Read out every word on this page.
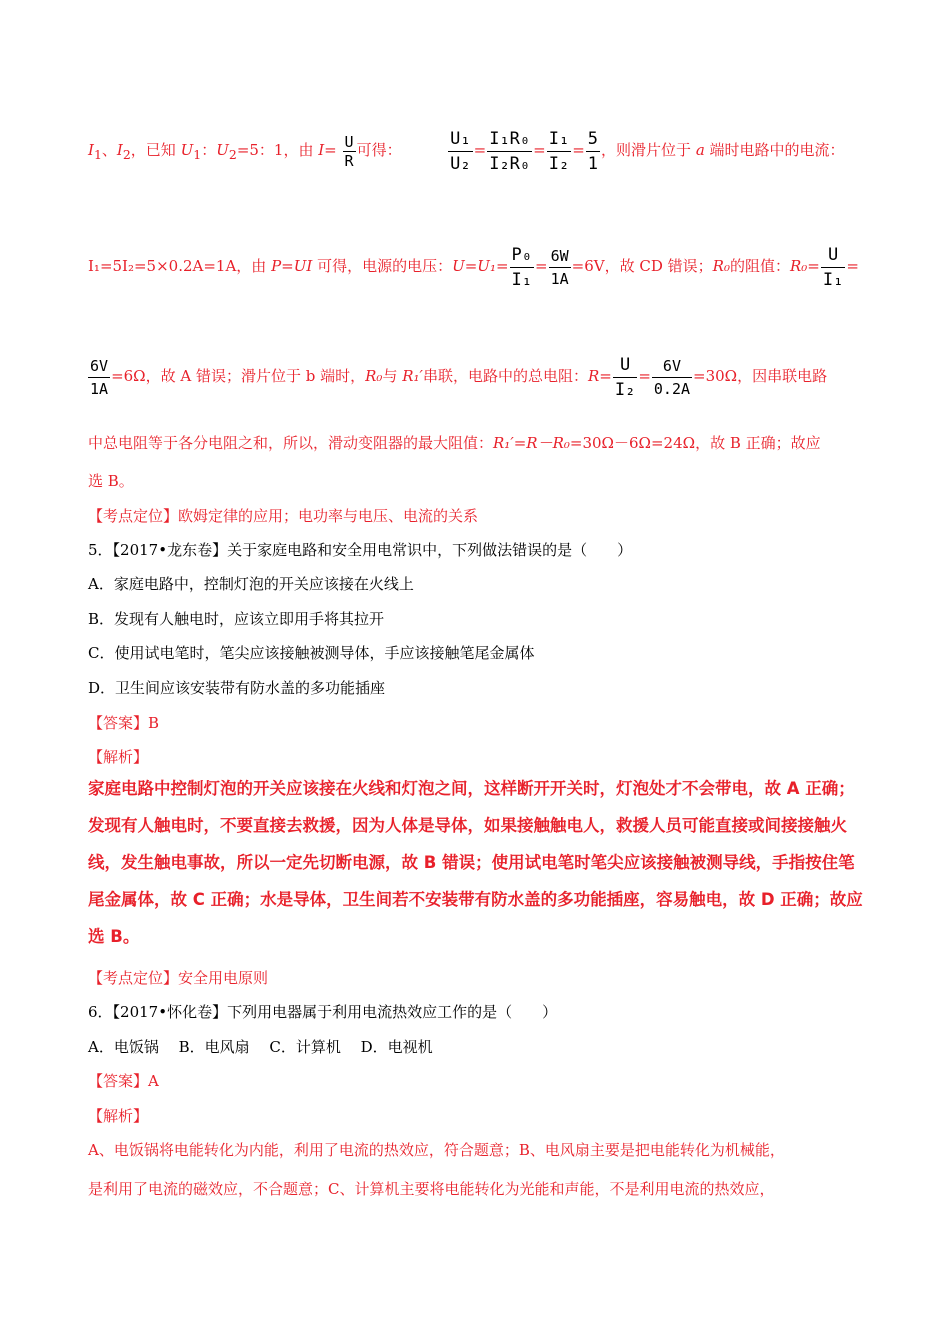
$I_1$、$I_2$，已知 $U_1$：$U_2=5$：1，由 $I= \frac{U}{R}$ 可得：	$\frac{\text{U₁}}{\text{U₂}} = \frac{\text{I₁R₀}}{\text{I₂R₀}} = \frac{\text{I₁}}{\text{I₂}} = \frac{5}{1}$ ，则滑片位于 a 端时电路中的电流：
I₁=5I₂=5×0.2A=1A，由 P=UI 可得，电源的电压：$U=U_1= \frac{\text{P₀}}{\text{I₁}} = \frac{6W}{1A} =6V$，故 CD 错误；R₀的阻值：$R_0= \frac{U}{\text{I₁}}$ =
$\frac{6V}{1A} =6\Omega$，故 A 错误；滑片位于 b 端时，R₀与 R₁′串联，电路中的总电阻：$R= \frac{U}{\text{I₂}} = \frac{6V}{0.2A} =30\Omega$，因串联电路
中总电阻等于各分电阻之和，所以，滑动变阻器的最大阻值：R₁′=R－R₀=30Ω－6Ω=24Ω，故 B 正确；故应
选 B。
【考点定位】欧姆定律的应用；电功率与电压、电流的关系
5．【2017•龙东卷】关于家庭电路和安全用电常识中，下列做法错误的是（　　）
A．家庭电路中，控制灯泡的开关应该接在火线上
B．发现有人触电时，应该立即用手将其拉开
C．使用试电笔时，笔尖应该接触被测导体，手应该接触笔尾金属体
D．卫生间应该安装带有防水盖的多功能插座
【答案】B
【解析】
家庭电路中控制灯泡的开关应该接在火线和灯泡之间，这样断开开关时，灯泡处才不会带电，故 A 正确；
发现有人触电时，不要直接去救援，因为人体是导体，如果接触触电人，救援人员可能直接或间接接触火
线，发生触电事故，所以一定先切断电源，故 B 错误；使用试电笔时笔尖应该接触被测导线，手指按住笔
尾金属体，故 C 正确；水是导体，卫生间若不安装带有防水盖的多功能插座，容易触电，故 D 正确；故应
选 B。
【考点定位】安全用电原则
6．【2017•怀化卷】下列用电器属于利用电流热效应工作的是（　　）
A．电饭锅　 B．电风扇　 C．计算机　 D．电视机
【答案】A
【解析】
A、电饭锅将电能转化为内能，利用了电流的热效应，符合题意；B、电风扇主要是把电能转化为机械能，
是利用了电流的磁效应，不合题意；C、计算机主要将电能转化为光能和声能，不是利用电流的热效应，
